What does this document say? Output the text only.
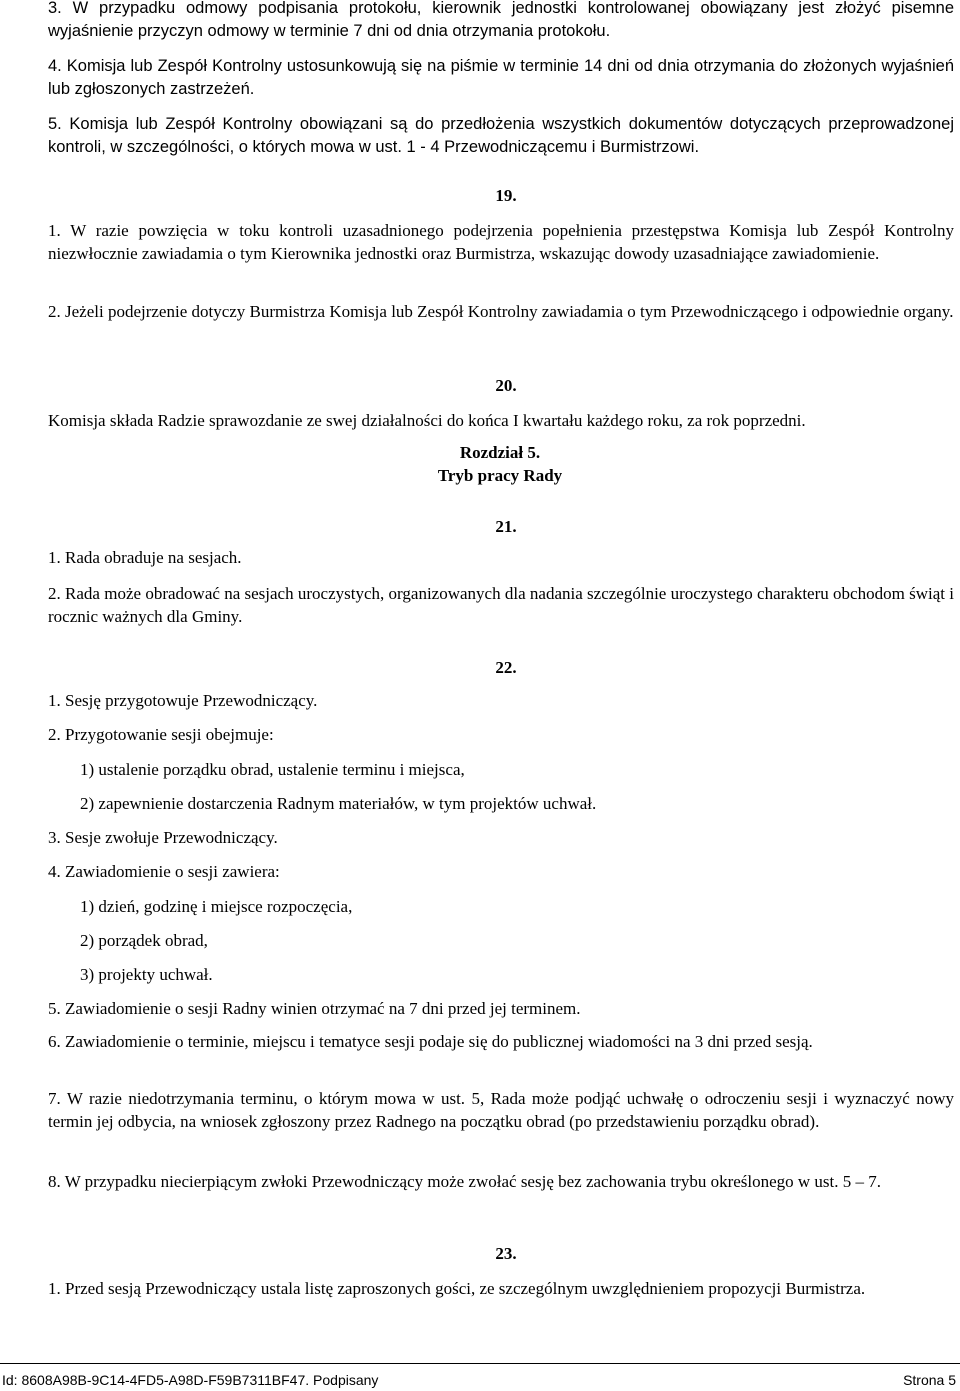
3. W przypadku odmowy podpisania protokołu, kierownik jednostki kontrolowanej obowiązany jest złożyć pisemne wyjaśnienie przyczyn odmowy w terminie 7 dni od dnia otrzymania protokołu.

4. Komisja lub Zespół Kontrolny ustosunkowują się na piśmie w terminie 14 dni od dnia otrzymania do złożonych wyjaśnień lub zgłoszonych zastrzeżeń.

5. Komisja lub Zespół Kontrolny obowiązani są do przedłożenia wszystkich dokumentów dotyczących przeprowadzonej kontroli, w szczególności, o których mowa w ust. 1 - 4 Przewodniczącemu i Burmistrzowi.

19.

1. W razie powzięcia w toku kontroli uzasadnionego podejrzenia popełnienia przestępstwa Komisja lub Zespół Kontrolny niezwłocznie zawiadamia o tym Kierownika jednostki oraz Burmistrza, wskazując dowody uzasadniające zawiadomienie.

2. Jeżeli podejrzenie dotyczy Burmistrza Komisja lub Zespół Kontrolny zawiadamia o tym Przewodniczącego i odpowiednie organy.

20.

Komisja składa Radzie sprawozdanie ze swej działalności do końca I kwartału każdego roku, za rok poprzedni.

Rozdział 5.

Tryb pracy Rady

21.

1. Rada obraduje na sesjach.

2. Rada może obradować na sesjach uroczystych, organizowanych dla nadania szczególnie uroczystego charakteru obchodom świąt i rocznic ważnych dla Gminy.

22.

1. Sesję przygotowuje Przewodniczący.

2. Przygotowanie sesji obejmuje:

1) ustalenie porządku obrad, ustalenie terminu i miejsca,

2) zapewnienie dostarczenia Radnym materiałów, w tym projektów uchwał.

3. Sesje zwołuje Przewodniczący.

4. Zawiadomienie o sesji zawiera:

1) dzień, godzinę i miejsce rozpoczęcia,

2) porządek obrad,

3) projekty uchwał.

5. Zawiadomienie o sesji Radny winien otrzymać na 7 dni przed jej terminem.

6. Zawiadomienie o terminie, miejscu i tematyce sesji podaje się do publicznej wiadomości na 3 dni przed sesją.

7. W razie niedotrzymania terminu, o którym mowa w ust. 5, Rada może podjąć uchwałę o odroczeniu sesji i wyznaczyć nowy termin jej odbycia, na wniosek zgłoszony przez Radnego na początku obrad (po przedstawieniu porządku obrad).

8. W przypadku niecierpiącym zwłoki Przewodniczący może zwołać sesję bez zachowania trybu określonego w ust. 5 – 7.

23.

1. Przed sesją Przewodniczący ustala listę zaproszonych gości, ze szczególnym uwzględnieniem propozycji Burmistrza.

Id: 8608A98B-9C14-4FD5-A98D-F59B7311BF47. Podpisany	Strona 5
